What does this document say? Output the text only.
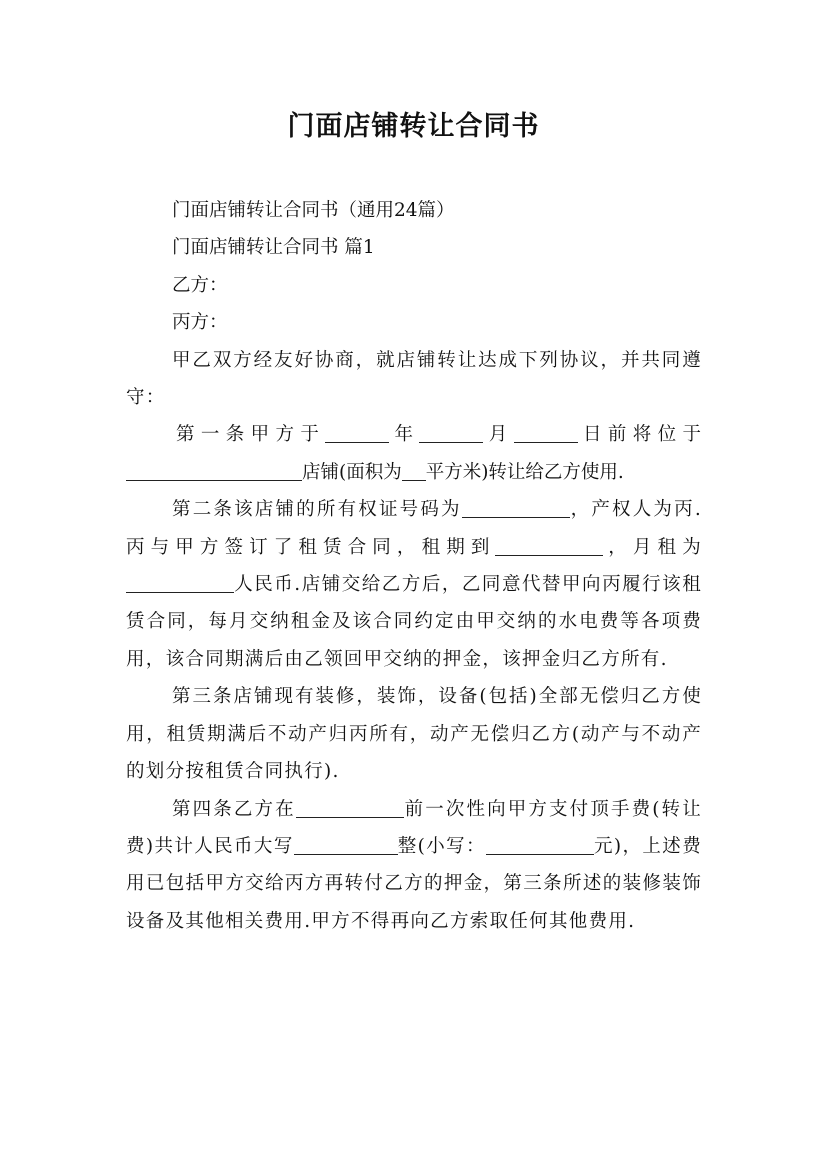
门面店铺转让合同书
门面店铺转让合同书（通用24篇）
门面店铺转让合同书 篇1
乙方：
丙方：
甲乙双方经友好协商，就店铺转让达成下列协议，并共同遵守：
第一条甲方于	年	月	日前将位于
店铺(面积为 平方米)转让给乙方使用.
第二条该店铺的所有权证号码为	，产权人为丙.丙与甲方签订了租赁合同，租期到	，月租为人民币.店铺交给乙方后，乙同意代替甲向丙履行该租赁合同，每月交纳租金及该合同约定由甲交纳的水电费等各项费用，该合同期满后由乙领回甲交纳的押金，该押金归乙方所有.
第三条店铺现有装修，装饰，设备(包括)全部无偿归乙方使用，租赁期满后不动产归丙所有，动产无偿归乙方(动产与不动产的划分按租赁合同执行).
第四条乙方在	前一次性向甲方支付顶手费(转让费)共计人民币大写	整(小写：	元)，上述费用已包括甲方交给丙方再转付乙方的押金，第三条所述的装修装饰设备及其他相关费用.甲方不得再向乙方索取任何其他费用.
